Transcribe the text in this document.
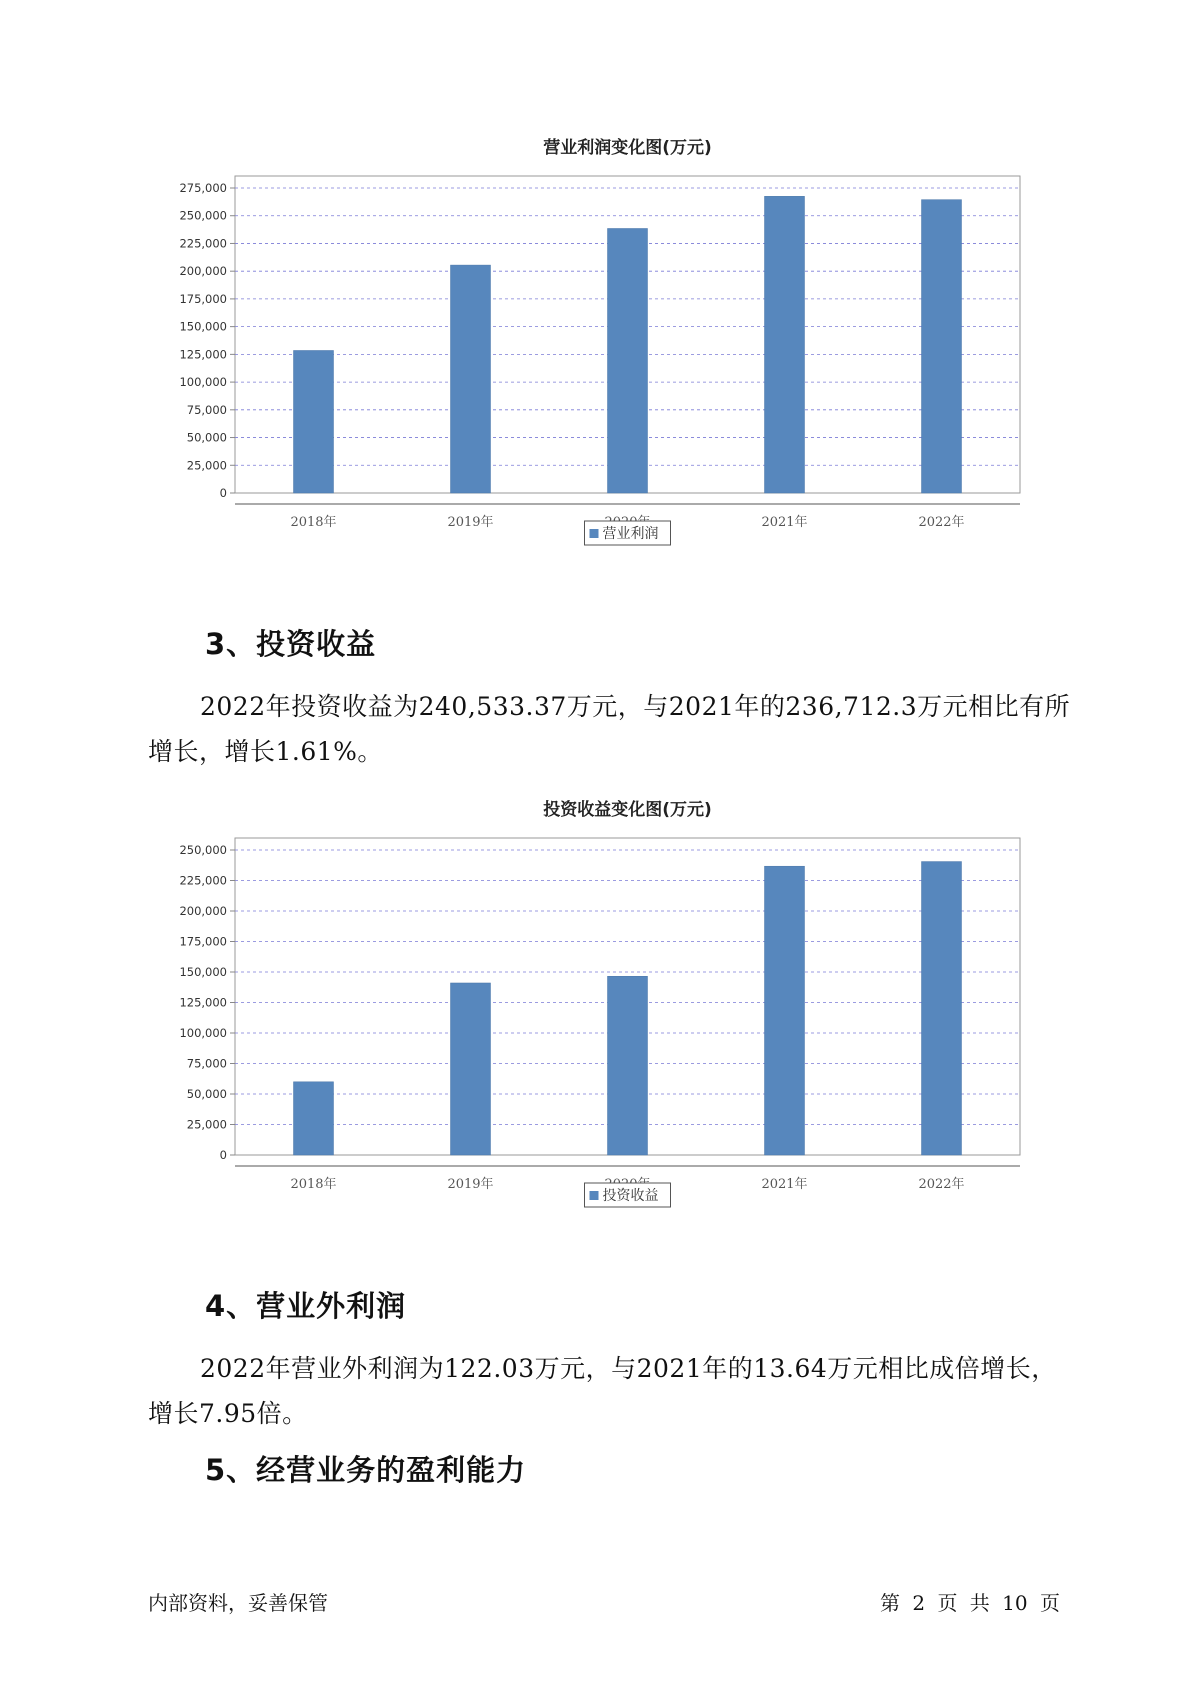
营业利润变化图(万元)
0
25,000
50,000
75,000
100,000
125,000
150,000
175,000
200,000
225,000
250,000
275,000
2018年	2019年	2021年	2022年
营业利润
3、投资收益

2022年投资收益为240,533.37万元，与2021年的236,712.3万元相比有所增长，增长1.61%。

投资收益变化图(万元)
0
25,000
50,000
75,000
100,000
125,000
150,000
175,000
200,000
225,000
250,000
2018年	2019年	2021年	2022年
投资收益
4、营业外利润

2022年营业外利润为122.03万元，与2021年的13.64万元相比成倍增长，增长7.95倍。

5、经营业务的盈利能力
内部资料，妥善保管	第 2 页 共 10 页
